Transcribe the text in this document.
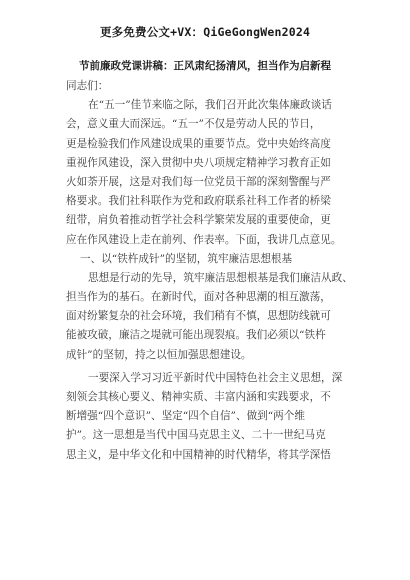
更多免费公文+VX：QiGeGongWen2024
节前廉政党课讲稿：正风肃纪扬清风，担当作为启新程
同志们：
在“五一”佳节来临之际，我们召开此次集体廉政谈话
会，意义重大而深远。“五一”不仅是劳动人民的节日，
更是检验我们作风建设成果的重要节点。党中央始终高度
重视作风建设，深入贯彻中央八项规定精神学习教育正如
火如荼开展，这是对我们每一位党员干部的深刻警醒与严
格要求。我们社科联作为党和政府联系社科工作者的桥梁
纽带，肩负着推动哲学社会科学繁荣发展的重要使命，更
应在作风建设上走在前列、作表率。下面，我讲几点意见。
一、以“铁杵成针”的坚韧，筑牢廉洁思想根基
思想是行动的先导，筑牢廉洁思想根基是我们廉洁从政、
担当作为的基石。在新时代，面对各种思潮的相互激荡，
面对纷繁复杂的社会环境，我们稍有不慎，思想防线就可
能被攻破，廉洁之堤就可能出现裂痕。我们必须以“铁杵
成针”的坚韧，持之以恒加强思想建设。
一要深入学习习近平新时代中国特色社会主义思想，深
刻领会其核心要义、精神实质、丰富内涵和实践要求，不
断增强“四个意识”、坚定“四个自信”、做到“两个维
护”。这一思想是当代中国马克思主义、二十一世纪马克
思主义，是中华文化和中国精神的时代精华，将其学深悟
